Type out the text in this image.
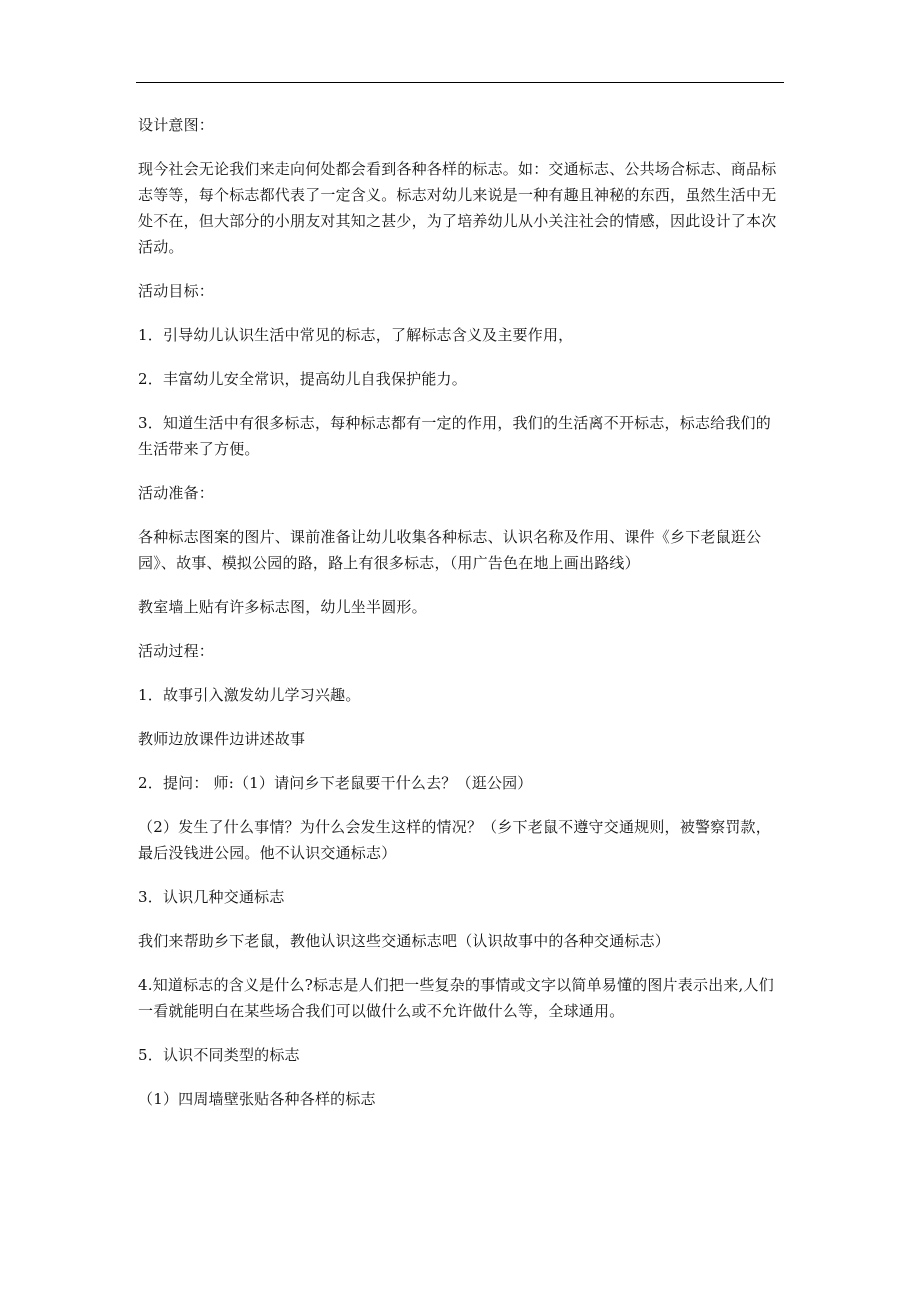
设计意图：

现今社会无论我们来走向何处都会看到各种各样的标志。如：交通标志、公共场合标志、商品标志等等，每个标志都代表了一定含义。标志对幼儿来说是一种有趣且神秘的东西，虽然生活中无处不在，但大部分的小朋友对其知之甚少，为了培养幼儿从小关注社会的情感，因此设计了本次活动。

活动目标：

1．引导幼儿认识生活中常见的标志，了解标志含义及主要作用，

2．丰富幼儿安全常识，提高幼儿自我保护能力。

3．知道生活中有很多标志，每种标志都有一定的作用，我们的生活离不开标志，标志给我们的生活带来了方便。

活动准备：

各种标志图案的图片、课前准备让幼儿收集各种标志、认识名称及作用、课件《乡下老鼠逛公园》、故事、模拟公园的路，路上有很多标志，（用广告色在地上画出路线）

教室墙上贴有许多标志图，幼儿坐半圆形。

活动过程：

1．故事引入激发幼儿学习兴趣。

教师边放课件边讲述故事

2．提问： 师:（1）请问乡下老鼠要干什么去？（逛公园）

（2）发生了什么事情？为什么会发生这样的情况？（乡下老鼠不遵守交通规则，被警察罚款，最后没钱进公园。他不认识交通标志）

3．认识几种交通标志

我们来帮助乡下老鼠，教他认识这些交通标志吧（认识故事中的各种交通标志）

4.知道标志的含义是什么?标志是人们把一些复杂的事情或文字以简单易懂的图片表示出来,人们一看就能明白在某些场合我们可以做什么或不允许做什么等，全球通用。

5．认识不同类型的标志

（1）四周墙壁张贴各种各样的标志
